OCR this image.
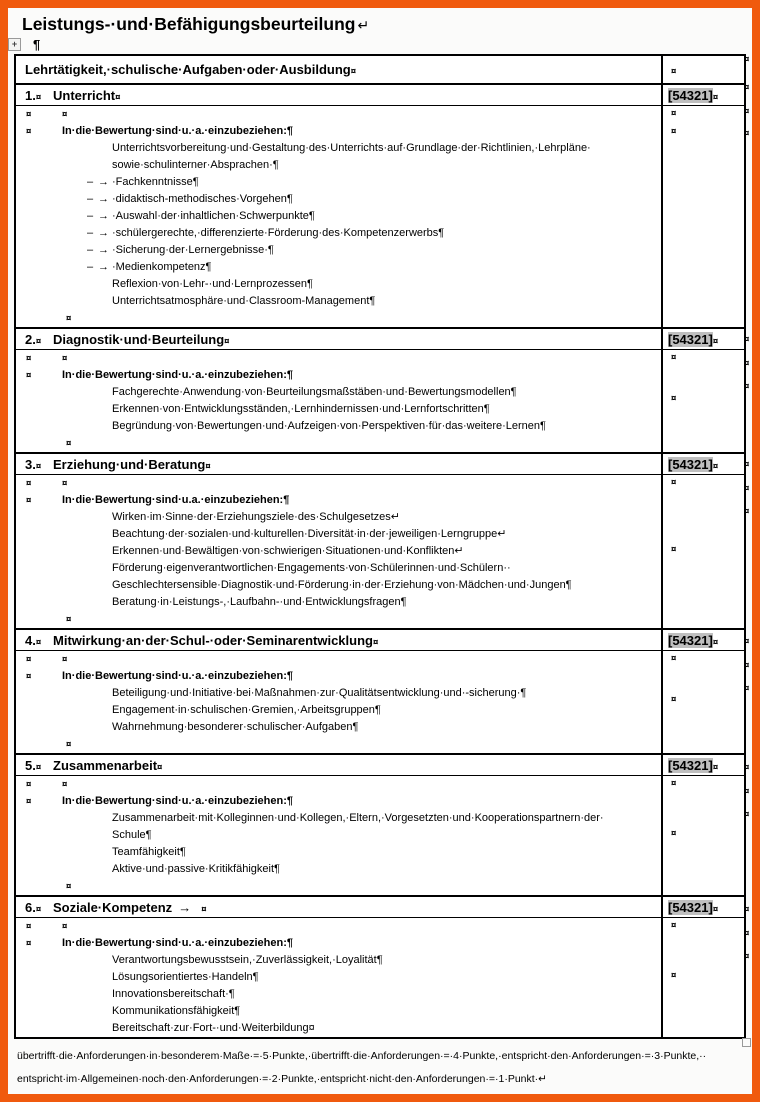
Leistungs-·und·Befähigungsbeurteilung ↵
+ ¶
Lehrtätigkeit,·schulische·Aufgaben·oder·Ausbildung¤	¤
1.¤ Unterricht¤	[54321]¤
¤	¤
¤	In·die·Bewertung·sind·u.·a.·einzubeziehen:¶
Unterrichtsvorbereitung·und·Gestaltung·des·Unterrichts·auf·Grundlage·der·Richtlinien,·Lehrpläne·
sowie·schulinterner·Absprachen·¶
– → ·Fachkenntnisse¶
– → ·didaktisch-methodisches·Vorgehen¶
– → ·Auswahl·der·inhaltlichen·Schwerpunkte¶
– → ·schülergerechte,·differenzierte·Förderung·des·Kompetenzerwerbs¶
– → ·Sicherung·der·Lernergebnisse·¶
– → ·Medienkompetenz¶
Reflexion·von·Lehr-·und·Lernprozessen¶
Unterrichtsatmosphäre·und·Classroom-Management¶
¤
¤
¤
2.¤ Diagnostik·und·Beurteilung¤	[54321]¤
¤	¤
¤	In·die·Bewertung·sind·u.·a.·einzubeziehen:¶
Fachgerechte·Anwendung·von·Beurteilungsmaßstäben·und·Bewertungsmodellen¶
Erkennen·von·Entwicklungsständen,·Lernhindernissen·und·Lernfortschritten¶
Begründung·von·Bewertungen·und·Aufzeigen·von·Perspektiven·für·das·weitere·Lernen¶
¤
¤
¤
3.¤ Erziehung·und·Beratung¤	[54321]¤
¤	¤
¤	In·die·Bewertung·sind·u.a.·einzubeziehen:¶
Wirken·im·Sinne·der·Erziehungsziele·des·Schulgesetzes↵
Beachtung·der·sozialen·und·kulturellen·Diversität·in·der·jeweiligen·Lerngruppe↵
Erkennen·und·Bewältigen·von·schwierigen·Situationen·und·Konflikten↵
Förderung·eigenverantwortlichen·Engagements·von·Schülerinnen·und·Schülern··
Geschlechtersensible·Diagnostik·und·Förderung·in·der·Erziehung·von·Mädchen·und·Jungen¶
Beratung·in·Leistungs-,·Laufbahn-·und·Entwicklungsfragen¶
¤
¤
¤
4.¤ Mitwirkung·an·der·Schul-·oder·Seminarentwicklung¤	[54321]¤
¤	¤
¤	In·die·Bewertung·sind·u.·a.·einzubeziehen:¶
Beteiligung·und·Initiative·bei·Maßnahmen·zur·Qualitätsentwicklung·und·-sicherung·¶
Engagement·in·schulischen·Gremien,·Arbeitsgruppen¶
Wahrnehmung·besonderer·schulischer·Aufgaben¶
¤
¤
¤
5.¤ Zusammenarbeit¤	[54321]¤
¤	¤
¤	In·die·Bewertung·sind·u.·a.·einzubeziehen:¶
Zusammenarbeit·mit·Kolleginnen·und·Kollegen,·Eltern,·Vorgesetzten·und·Kooperationspartnern·der·
Schule¶
Teamfähigkeit¶
Aktive·und·passive·Kritikfähigkeit¶
¤
¤
¤
6.¤ Soziale·Kompetenz → ¤	[54321]¤
¤	¤
¤	In·die·Bewertung·sind·u.·a.·einzubeziehen:¶
Verantwortungsbewusstsein,·Zuverlässigkeit,·Loyalität¶
Lösungsorientiertes·Handeln¶
Innovationsbereitschaft·¶
Kommunikationsfähigkeit¶
Bereitschaft·zur·Fort-·und·Weiterbildung¤
¤
¤
übertrifft·die·Anforderungen·in·besonderem·Maße·=·5·Punkte,·übertrifft·die·Anforderungen·=·4·Punkte,·entspricht·den·Anforderungen·=·3·Punkte,··
entspricht·im·Allgemeinen·noch·den·Anforderungen·=·2·Punkte,·entspricht·nicht·den·Anforderungen·=·1·Punkt·↵
¤
¤
¤
¤
¤
¤
¤
¤
¤
¤
¤
¤
¤
¤
¤
¤
¤
¤
¤
